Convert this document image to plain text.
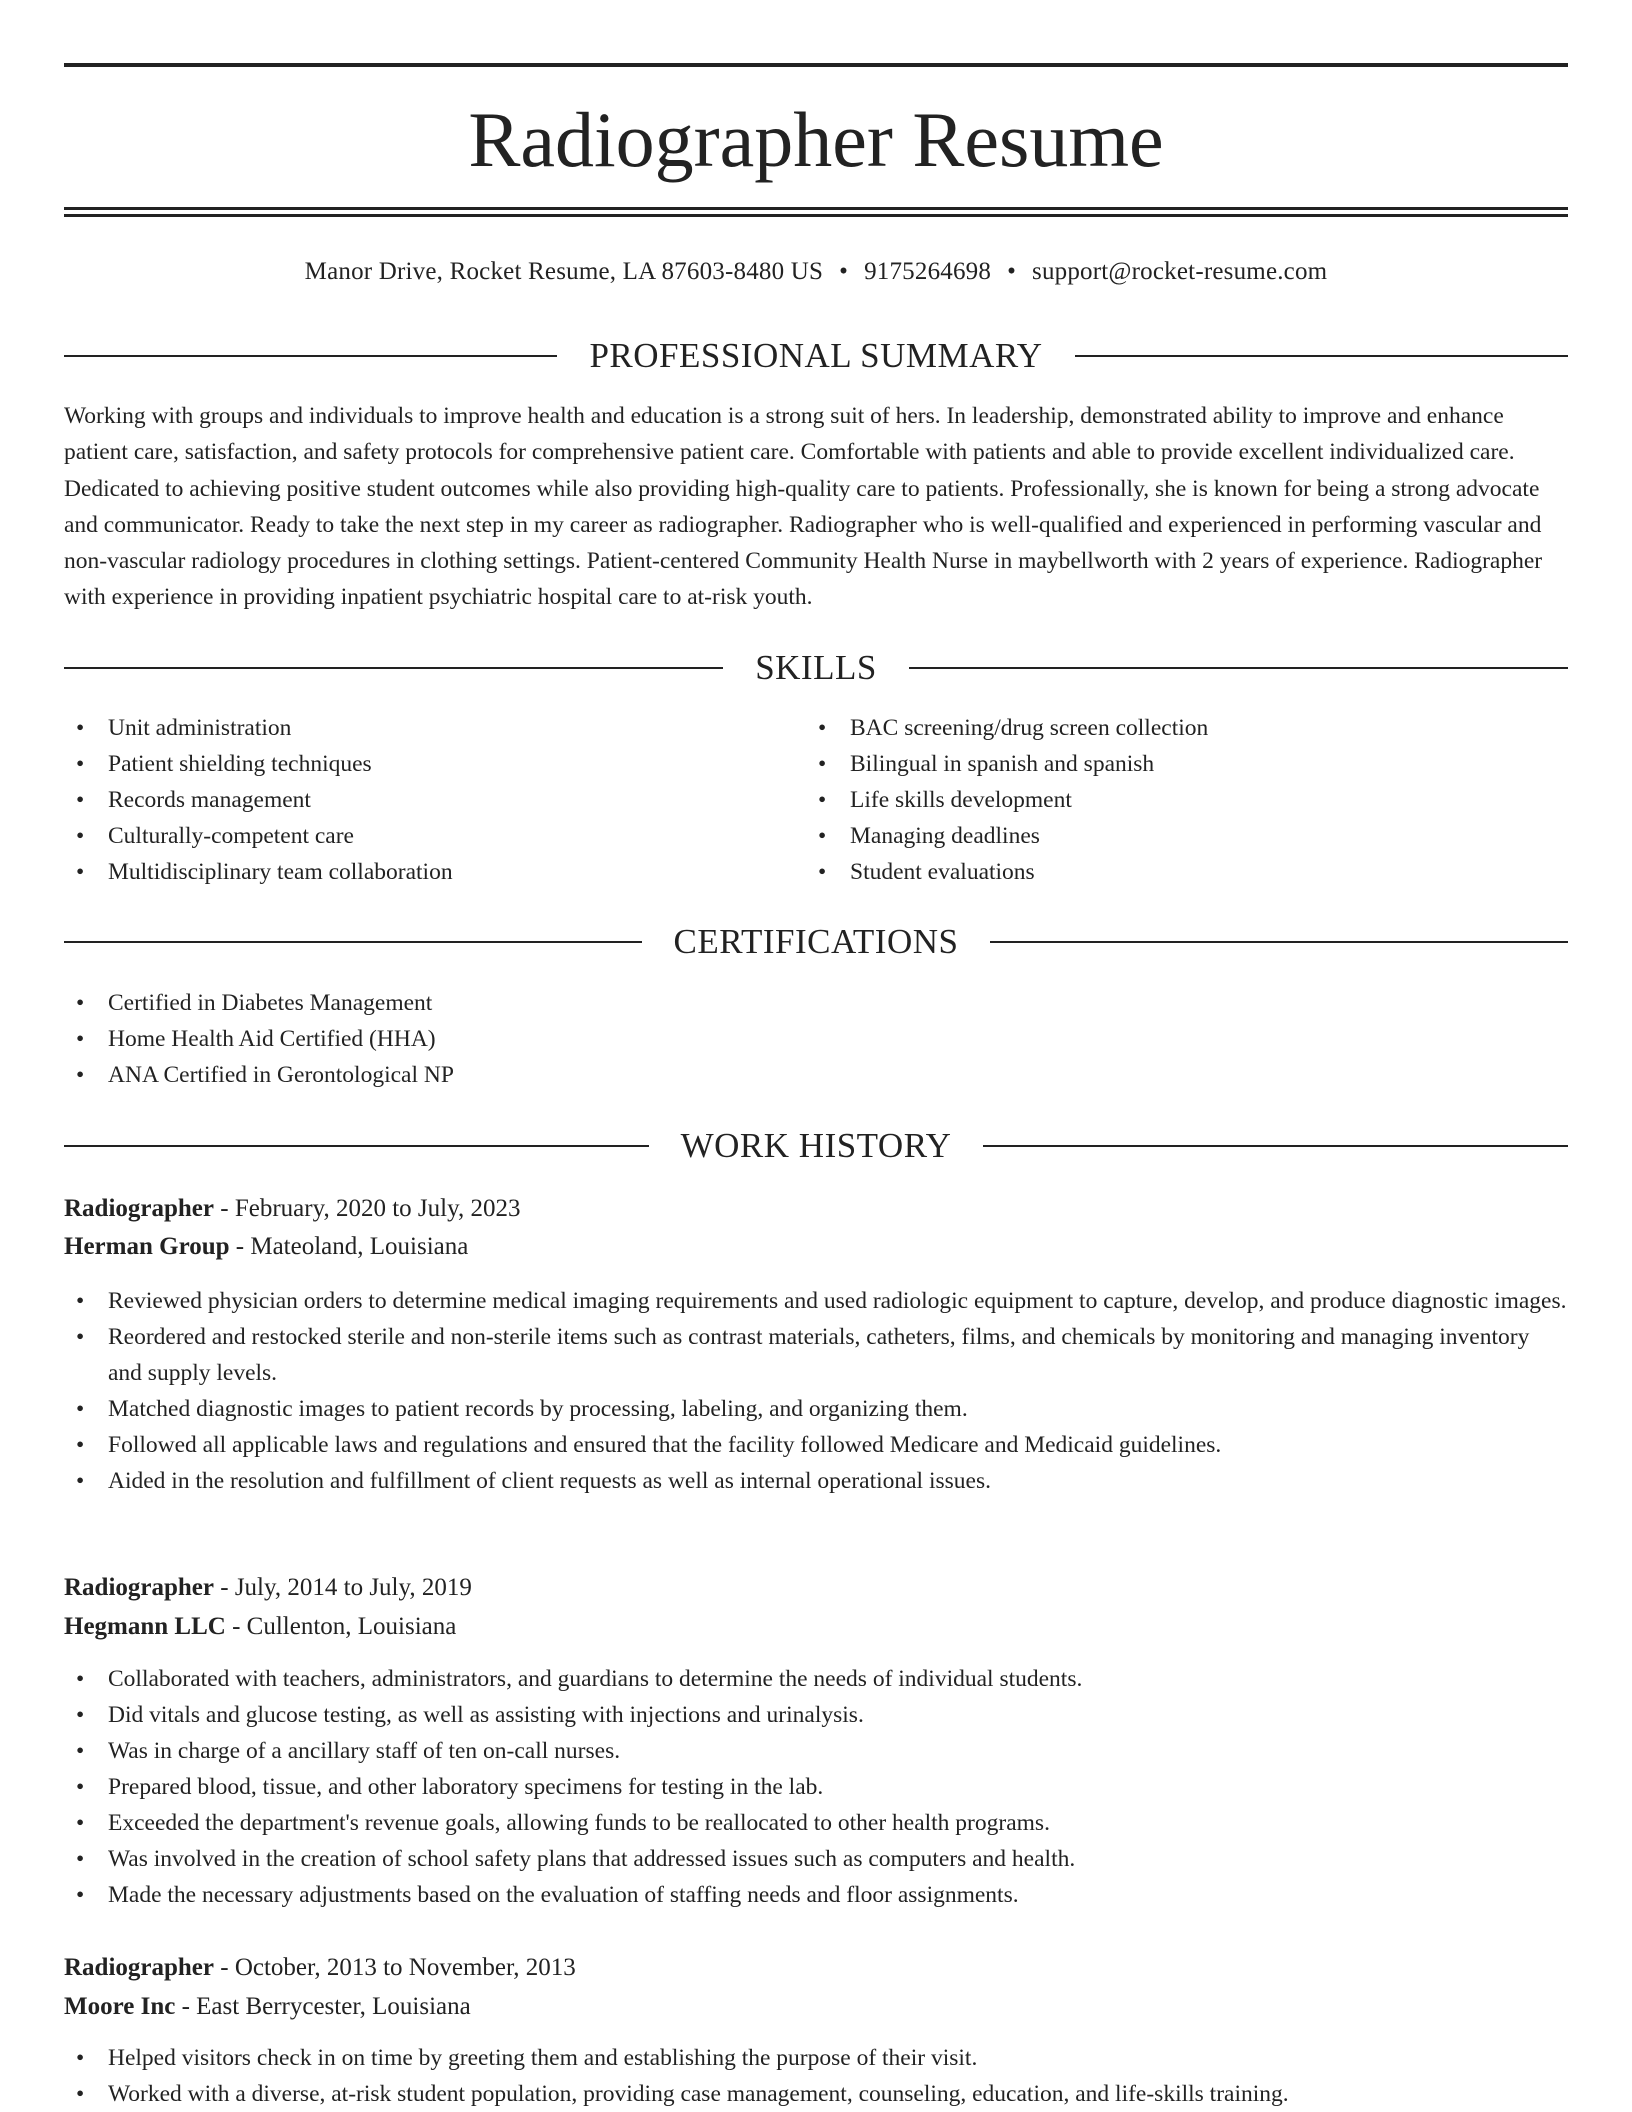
Radiographer Resume
Manor Drive, Rocket Resume, LA 87603-8480 US • 9175264698 • support@rocket-resume.com
PROFESSIONAL SUMMARY

Working with groups and individuals to improve health and education is a strong suit of hers. In leadership, demonstrated ability to improve and enhance patient care, satisfaction, and safety protocols for comprehensive patient care. Comfortable with patients and able to provide excellent individualized care. Dedicated to achieving positive student outcomes while also providing high-quality care to patients. Professionally, she is known for being a strong advocate and communicator. Ready to take the next step in my career as radiographer. Radiographer who is well-qualified and experienced in performing vascular and non-vascular radiology procedures in clothing settings. Patient-centered Community Health Nurse in maybellworth with 2 years of experience. Radiographer with experience in providing inpatient psychiatric hospital care to at-risk youth.

SKILLS
• Unit administration
• Patient shielding techniques
• Records management
• Culturally-competent care
• Multidisciplinary team collaboration
• BAC screening/drug screen collection
• Bilingual in spanish and spanish
• Life skills development
• Managing deadlines
• Student evaluations
CERTIFICATIONS
• Certified in Diabetes Management
• Home Health Aid Certified (HHA)
• ANA Certified in Gerontological NP
WORK HISTORY
Radiographer - February, 2020 to July, 2023
Herman Group - Mateoland, Louisiana
• Reviewed physician orders to determine medical imaging requirements and used radiologic equipment to capture, develop, and produce diagnostic images.
• Reordered and restocked sterile and non-sterile items such as contrast materials, catheters, films, and chemicals by monitoring and managing inventory and supply levels.
• Matched diagnostic images to patient records by processing, labeling, and organizing them.
• Followed all applicable laws and regulations and ensured that the facility followed Medicare and Medicaid guidelines.
• Aided in the resolution and fulfillment of client requests as well as internal operational issues.
Radiographer - July, 2014 to July, 2019
Hegmann LLC - Cullenton, Louisiana
• Collaborated with teachers, administrators, and guardians to determine the needs of individual students.
• Did vitals and glucose testing, as well as assisting with injections and urinalysis.
• Was in charge of a ancillary staff of ten on-call nurses.
• Prepared blood, tissue, and other laboratory specimens for testing in the lab.
• Exceeded the department's revenue goals, allowing funds to be reallocated to other health programs.
• Was involved in the creation of school safety plans that addressed issues such as computers and health.
• Made the necessary adjustments based on the evaluation of staffing needs and floor assignments.
Radiographer - October, 2013 to November, 2013
Moore Inc - East Berrycester, Louisiana
• Helped visitors check in on time by greeting them and establishing the purpose of their visit.
• Worked with a diverse, at-risk student population, providing case management, counseling, education, and life-skills training.
